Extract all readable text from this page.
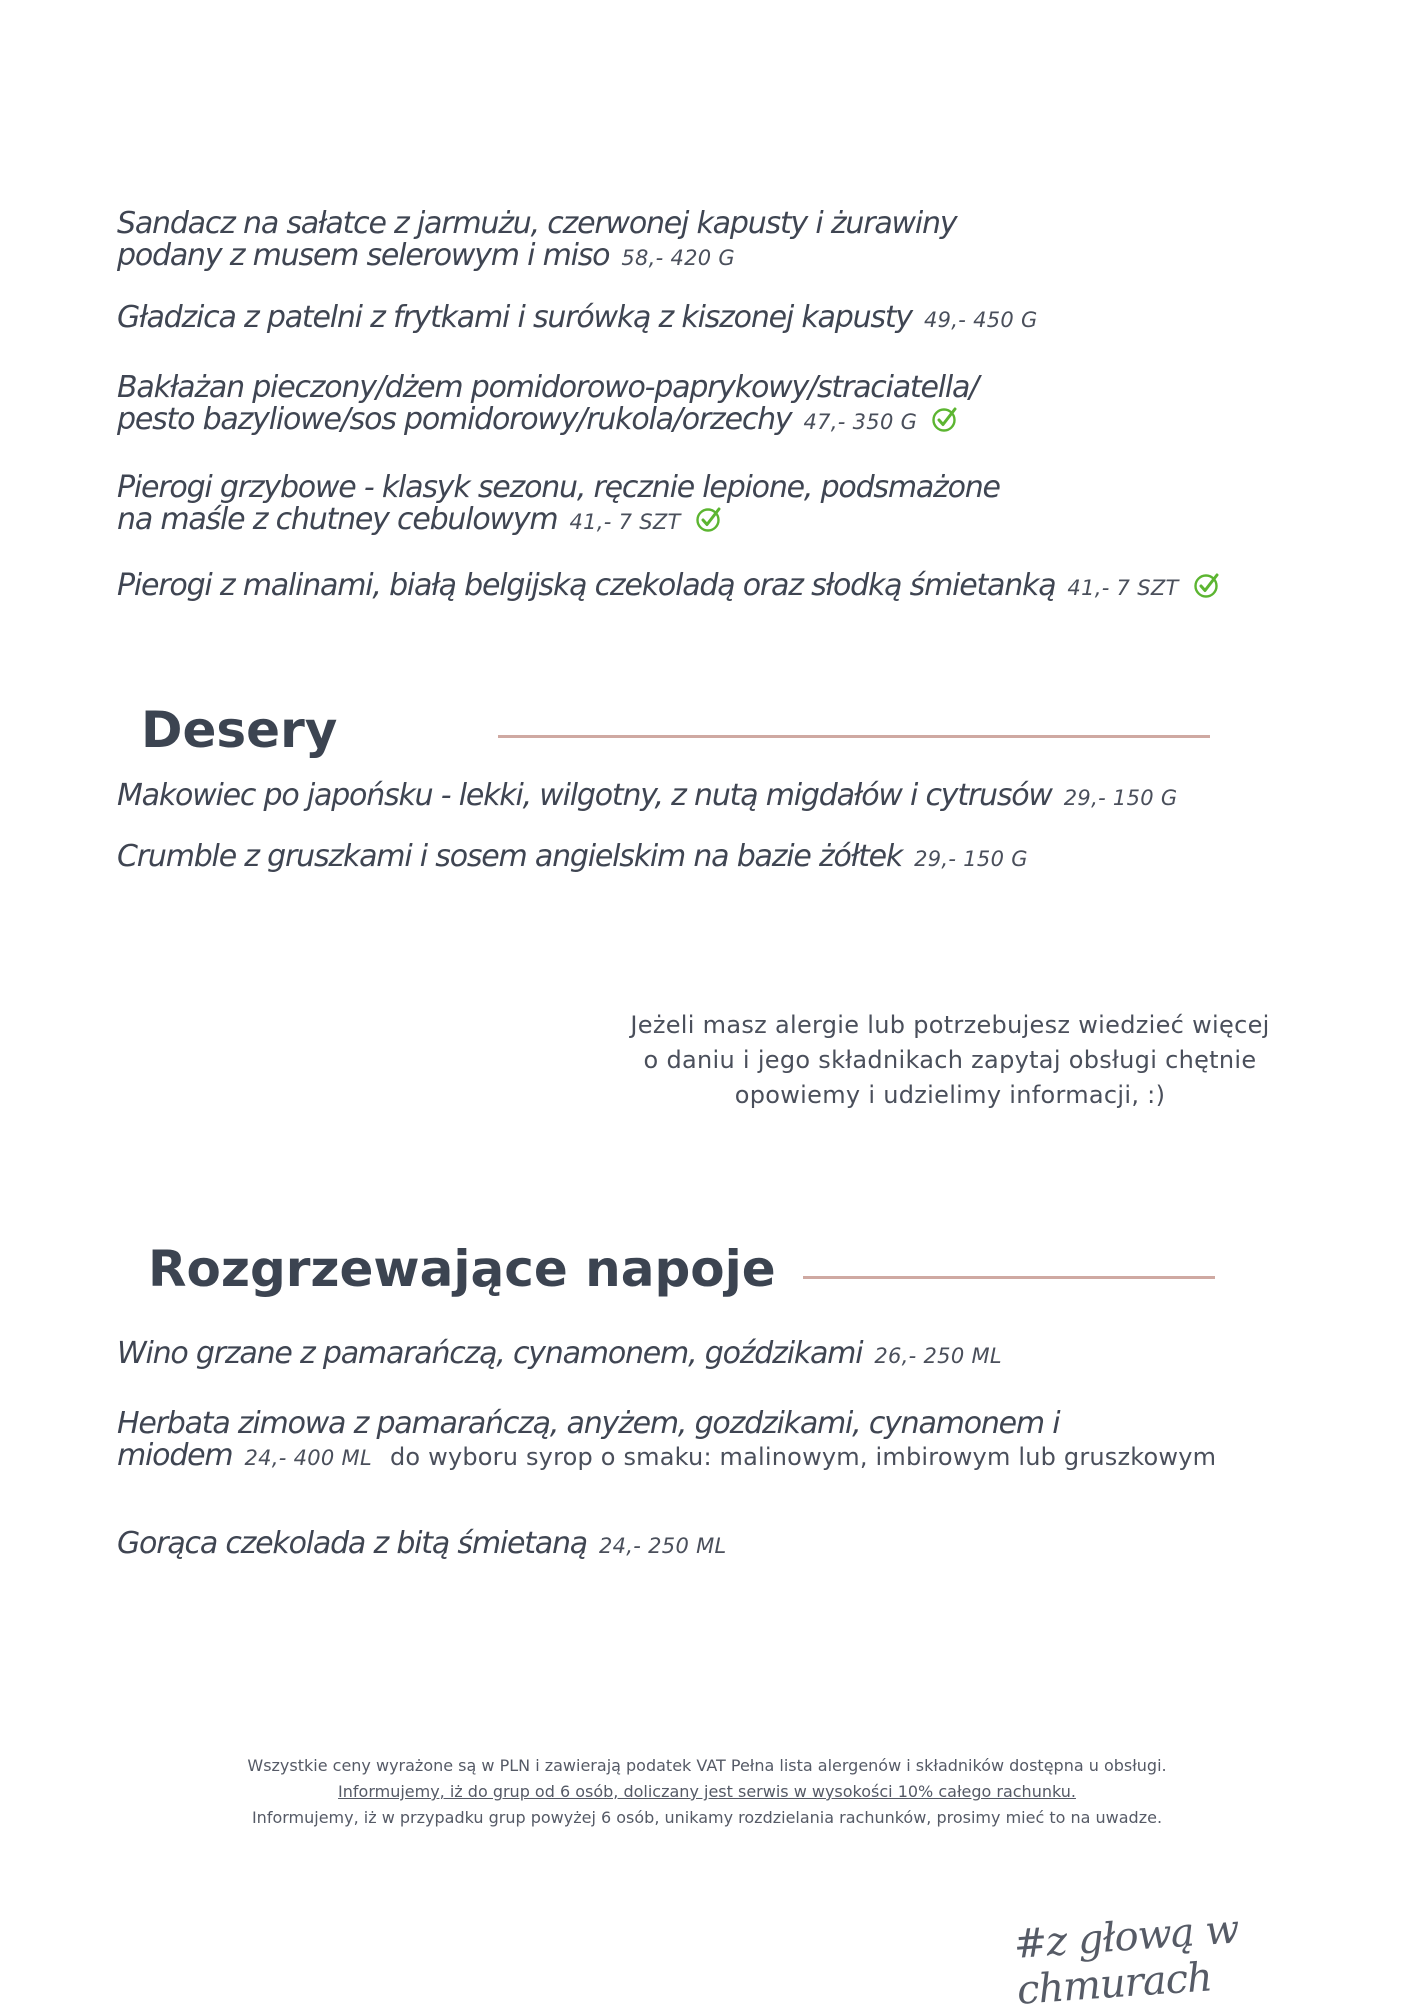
Sandacz na sałatce z jarmużu, czerwonej kapusty i żurawiny
podany z musem selerowym i miso 58,- 420 G
Gładzica z patelni z frytkami i surówką z kiszonej kapusty 49,- 450 G
Bakłażan pieczony/dżem pomidorowo-paprykowy/straciatella/
pesto bazyliowe/sos pomidorowy/rukola/orzechy 47,- 350 G
Pierogi grzybowe - klasyk sezonu, ręcznie lepione, podsmażone
na maśle z chutney cebulowym 41,- 7 SZT
Pierogi z malinami, białą belgijską czekoladą oraz słodką śmietanką 41,- 7 SZT
Desery
Makowiec po japońsku - lekki, wilgotny, z nutą migdałów i cytrusów 29,- 150 G
Crumble z gruszkami i sosem angielskim na bazie żółtek 29,- 150 G
Jeżeli masz alergie lub potrzebujesz wiedzieć więcej
o daniu i jego składnikach zapytaj obsługi chętnie
opowiemy i udzielimy informacji, :)
Rozgrzewające napoje
Wino grzane z pamarańczą, cynamonem, goździkami 26,- 250 ML
Herbata zimowa z pamarańczą, anyżem, gozdzikami, cynamonem i
miodem 24,- 400 ML do wyboru syrop o smaku: malinowym, imbirowym lub gruszkowym
Gorąca czekolada z bitą śmietaną 24,- 250 ML
Wszystkie ceny wyrażone są w PLN i zawierają podatek VAT Pełna lista alergenów i składników dostępna u obsługi.
Informujemy, iż do grup od 6 osób, doliczany jest serwis w wysokości 10% całego rachunku.
Informujemy, iż w przypadku grup powyżej 6 osób, unikamy rozdzielania rachunków, prosimy mieć to na uwadze.
#z głową w chmurach
